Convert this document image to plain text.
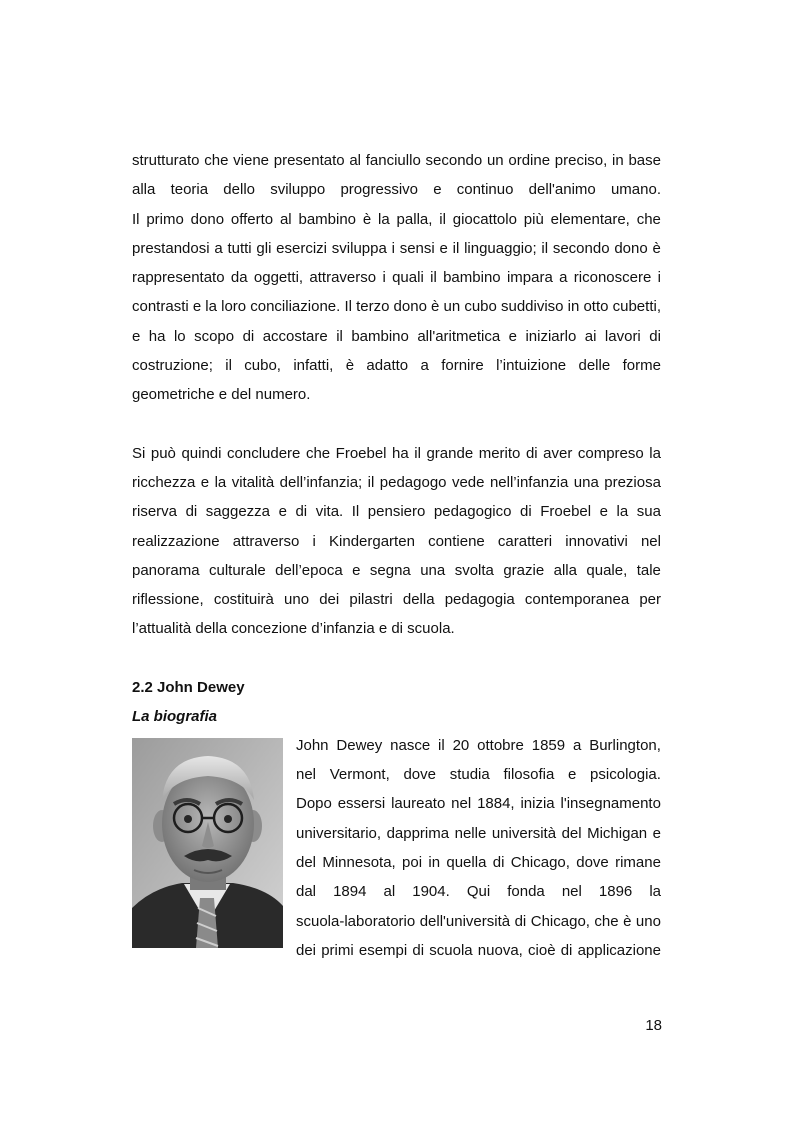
strutturato che viene presentato al fanciullo secondo un ordine preciso, in base
alla teoria dello sviluppo progressivo e continuo dell'animo umano.
Il primo dono offerto al bambino è la palla, il giocattolo più elementare, che
prestandosi a tutti gli esercizi sviluppa i sensi e il linguaggio; il secondo dono è
rappresentato da oggetti, attraverso i quali il bambino impara a riconoscere i
contrasti e la loro conciliazione. Il terzo dono è un cubo suddiviso in otto cubetti,
e ha lo scopo di accostare il bambino all'aritmetica e iniziarlo ai lavori di
costruzione; il cubo, infatti, è adatto a fornire l’intuizione delle forme
geometriche e del numero.

Si può quindi concludere che Froebel ha il grande merito di aver compreso la
ricchezza e la vitalità dell’infanzia; il pedagogo vede nell’infanzia una preziosa
riserva di saggezza e di vita. Il pensiero pedagogico di Froebel e la sua
realizzazione attraverso i Kindergarten contiene caratteri innovativi nel
panorama culturale dell’epoca e segna una svolta grazie alla quale, tale
riflessione, costituirà uno dei pilastri della pedagogia contemporanea per
l’attualità della concezione d’infanzia e di scuola.

2.2 John Dewey
La biografia
John Dewey nasce il 20 ottobre 1859 a Burlington,
nel Vermont, dove studia filosofia e psicologia.
Dopo essersi laureato nel 1884, inizia l'insegnamento
universitario, dapprima nelle università del Michigan e
del Minnesota, poi in quella di Chicago, dove rimane
dal 1894 al 1904. Qui fonda nel 1896 la
scuola-laboratorio dell'università di Chicago, che è uno
dei primi esempi di scuola nuova, cioè di applicazione
18
